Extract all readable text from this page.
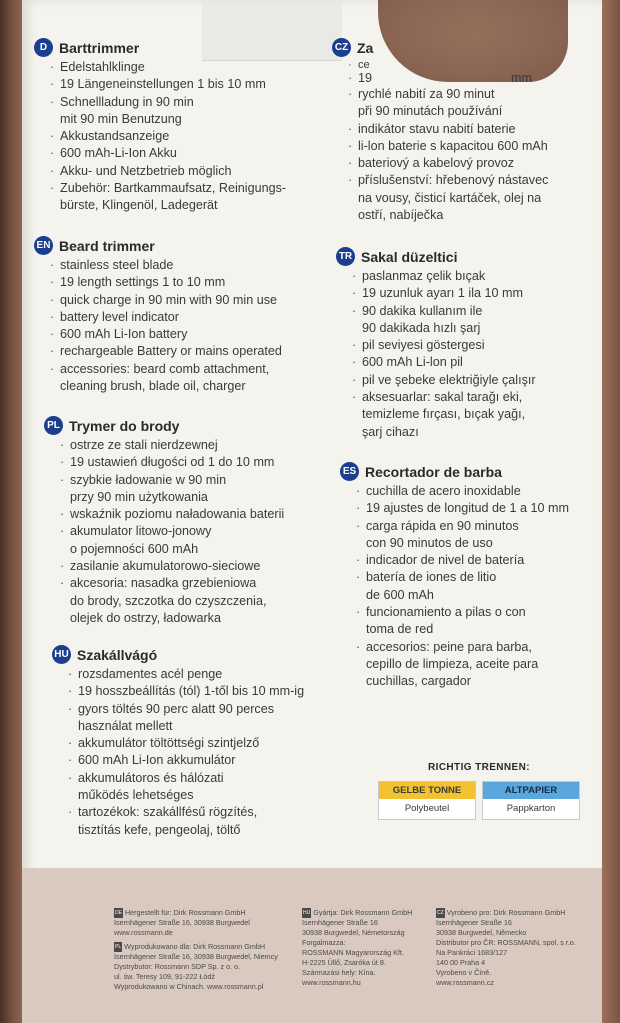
D Barttrimmer
· Edelstahlklinge
· 19 Längeneinstellungen 1 bis 10 mm
· Schnellladung in 90 min
mit 90 min Benutzung
· Akkustandsanzeige
· 600 mAh-Li-Ion Akku
· Akku- und Netzbetrieb möglich
· Zubehör: Bartkammaufsatz, Reinigungs-
bürste, Klingenöl, Ladegerät
CZ Za
· ce
· 19	mm
· rychlé nabití za 90 minut
při 90 minutách používání
· indikátor stavu nabití baterie
· li-lon baterie s kapacitou 600 mAh
· bateriový a kabelový provoz
· příslušenství: hřebenový nástavec
na vousy, čisticí kartáček, olej na
ostří, nabíječka
EN Beard trimmer
· stainless steel blade
· 19 length settings 1 to 10 mm
· quick charge in 90 min with 90 min use
· battery level indicator
· 600 mAh Li-Ion battery
· rechargeable Battery or mains operated
· accessories: beard comb attachment,
cleaning brush, blade oil, charger
TR Sakal düzeltici
· paslanmaz çelik bıçak
· 19 uzunluk ayarı 1 ila 10 mm
· 90 dakika kullanım ile
90 dakikada hızlı şarj
· pil seviyesi göstergesi
· 600 mAh Li-lon pil
· pil ve şebeke elektriğiyle çalışır
· aksesuarlar: sakal tarağı eki,
temizleme fırçası, bıçak yağı,
şarj cihazı
PL Trymer do brody
· ostrze ze stali nierdzewnej
· 19 ustawień długości od 1 do 10 mm
· szybkie ładowanie w 90 min
przy 90 min użytkowania
· wskaźnik poziomu naładowania baterii
· akumulator litowo-jonowy
o pojemności 600 mAh
· zasilanie akumulatorowo-sieciowe
· akcesoria: nasadka grzebieniowa
do brody, szczotka do czyszczenia,
olejek do ostrzy, ładowarka
ES Recortador de barba
· cuchilla de acero inoxidable
· 19 ajustes de longitud de 1 a 10 mm
· carga rápida en 90 minutos
con 90 minutos de uso
· indicador de nivel de batería
· batería de iones de litio
de 600 mAh
· funcionamiento a pilas o con
toma de red
· accesorios: peine para barba,
cepillo de limpieza, aceite para
cuchillas, cargador
HU Szakállvágó
· rozsdamentes acél penge
· 19 hosszbeállítás (tól) 1-től bis 10 mm-ig
· gyors töltés 90 perc alatt 90 perces
használat mellett
· akkumulátor töltöttségi szintjelző
· 600 mAh Li-Ion akkumulátor
· akkumulátoros és hálózati
működés lehetséges
· tartozékok: szakállfésű rögzítés,
tisztítás kefe, pengeolaj, töltő
RICHTIG TRENNEN:
GELBE TONNE
Polybeutel
ALTPAPIER
Pappkarton
DE Hergestellt für: Dirk Rossmann GmbH
Isernhägener Straße 16, 30938 Burgwedel
www.rossmann.de
PL Wyprodukowano dla: Dirk Rossmann GmbH
Isernhägener Straße 16, 30938 Burgwedel, Niemcy
Dystrybutor: Rossmann SDP Sp. z o. o.
ul. św. Teresy 109, 91-222 Łódź
Wyprodukowano w Chinach. www.rossmann.pl
HU Gyártja: Dirk Rossmann GmbH
Isernhägener Straße 16
30938 Burgwedel, Németország
Forgalmazza:
ROSSMANN Magyarország Kft.
H-2225 Üllő, Zsaróka út 8.
Származási hely: Kína.
www.rossmann.hu
CZ Vyrobeno pro: Dirk Rossmann GmbH
Isernhägener Straße 16
30938 Burgwedel, Německo
Distributor pro ČR: ROSSMANN, spol. s r.o.
Na Pankráci 1683/127
140 00 Praha 4
Vyrobeno v Číně.
www.rossmann.cz
